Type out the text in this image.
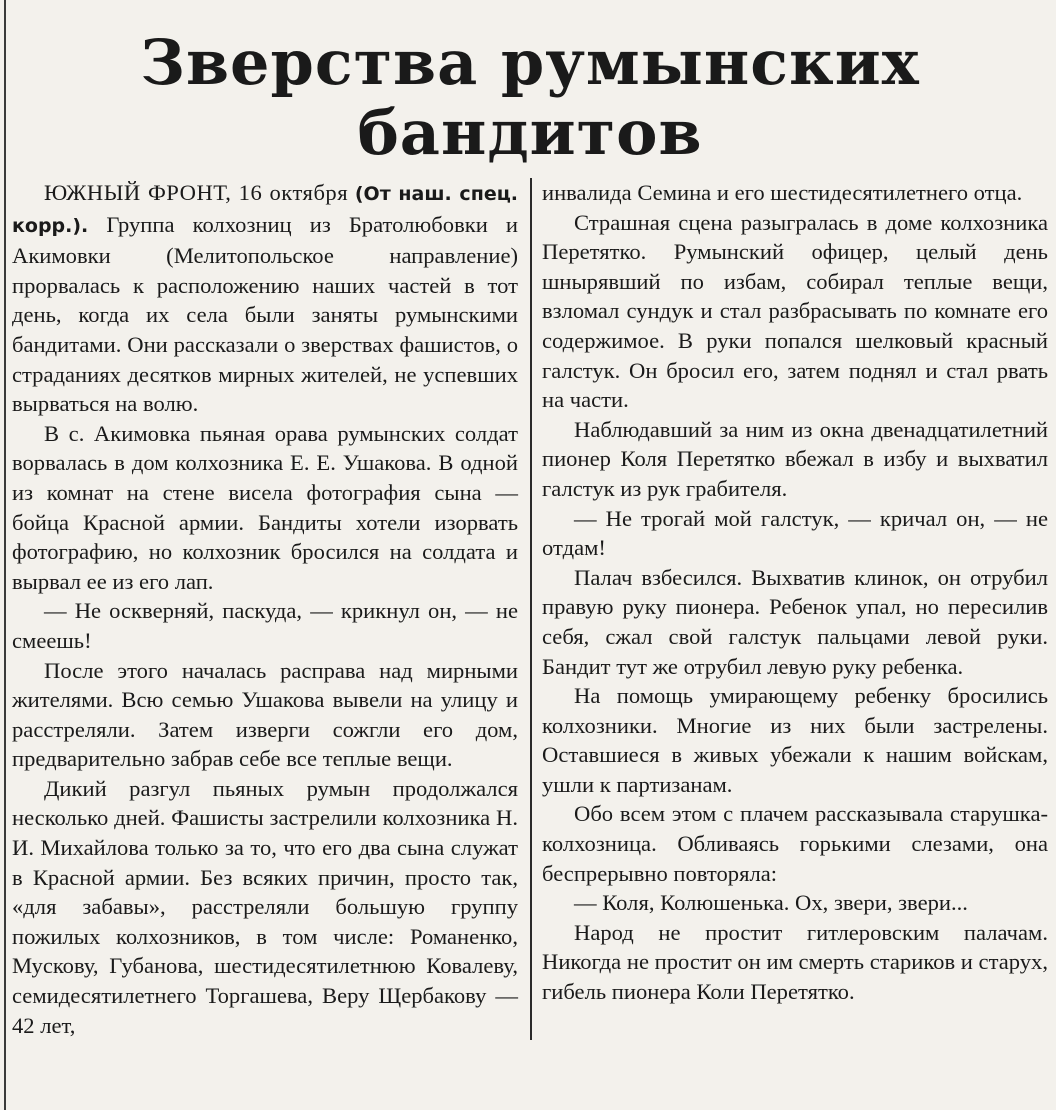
Зверства румынских
бандитов

ЮЖНЫЙ ФРОНТ, 16 октября (От наш. спец. корр.). Группа колхозниц из Братолюбовки и Акимовки (Мелитопольское направление) прорвалась к расположению наших частей в тот день, когда их села были заняты румынскими бандитами. Они рассказали о зверствах фашистов, о страданиях десятков мирных жителей, не успевших вырваться на волю.

В с. Акимовка пьяная орава румынских солдат ворвалась в дом колхозника Е. Е. Ушакова. В одной из комнат на стене висела фотография сына — бойца Красной армии. Бандиты хотели изорвать фотографию, но колхозник бросился на солдата и вырвал ее из его лап.

— Не оскверняй, паскуда, — крикнул он, — не смеешь!

После этого началась расправа над мирными жителями. Всю семью Ушакова вывели на улицу и расстреляли. Затем изверги сожгли его дом, предварительно забрав себе все теплые вещи.

Дикий разгул пьяных румын продолжался несколько дней. Фашисты застрелили колхозника Н. И. Михайлова только за то, что его два сына служат в Красной армии. Без всяких причин, просто так, «для забавы», расстреляли большую группу пожилых колхозников, в том числе: Романенко, Мускову, Губанова, шестидесятилетнюю Ковалеву, семидесятилетнего Торгашева, Веру Щербакову — 42 лет,

инвалида Семина и его шестидесятилетнего отца.

Страшная сцена разыгралась в доме колхозника Перетятко. Румынский офицер, целый день шнырявший по избам, собирал теплые вещи, взломал сундук и стал разбрасывать по комнате его содержимое. В руки попался шелковый красный галстук. Он бросил его, затем поднял и стал рвать на части.

Наблюдавший за ним из окна двенадцатилетний пионер Коля Перетятко вбежал в избу и выхватил галстук из рук грабителя.

— Не трогай мой галстук, — кричал он, — не отдам!

Палач взбесился. Выхватив клинок, он отрубил правую руку пионера. Ребенок упал, но пересилив себя, сжал свой галстук пальцами левой руки. Бандит тут же отрубил левую руку ребенка.

На помощь умирающему ребенку бросились колхозники. Многие из них были застрелены. Оставшиеся в живых убежали к нашим войскам, ушли к партизанам.

Обо всем этом с плачем рассказывала старушка-колхозница. Обливаясь горькими слезами, она беспрерывно повторяла:

— Коля, Колюшенька. Ох, звери, звери...

Народ не простит гитлеровским палачам. Никогда не простит он им смерть стариков и старух, гибель пионера Коли Перетятко.
